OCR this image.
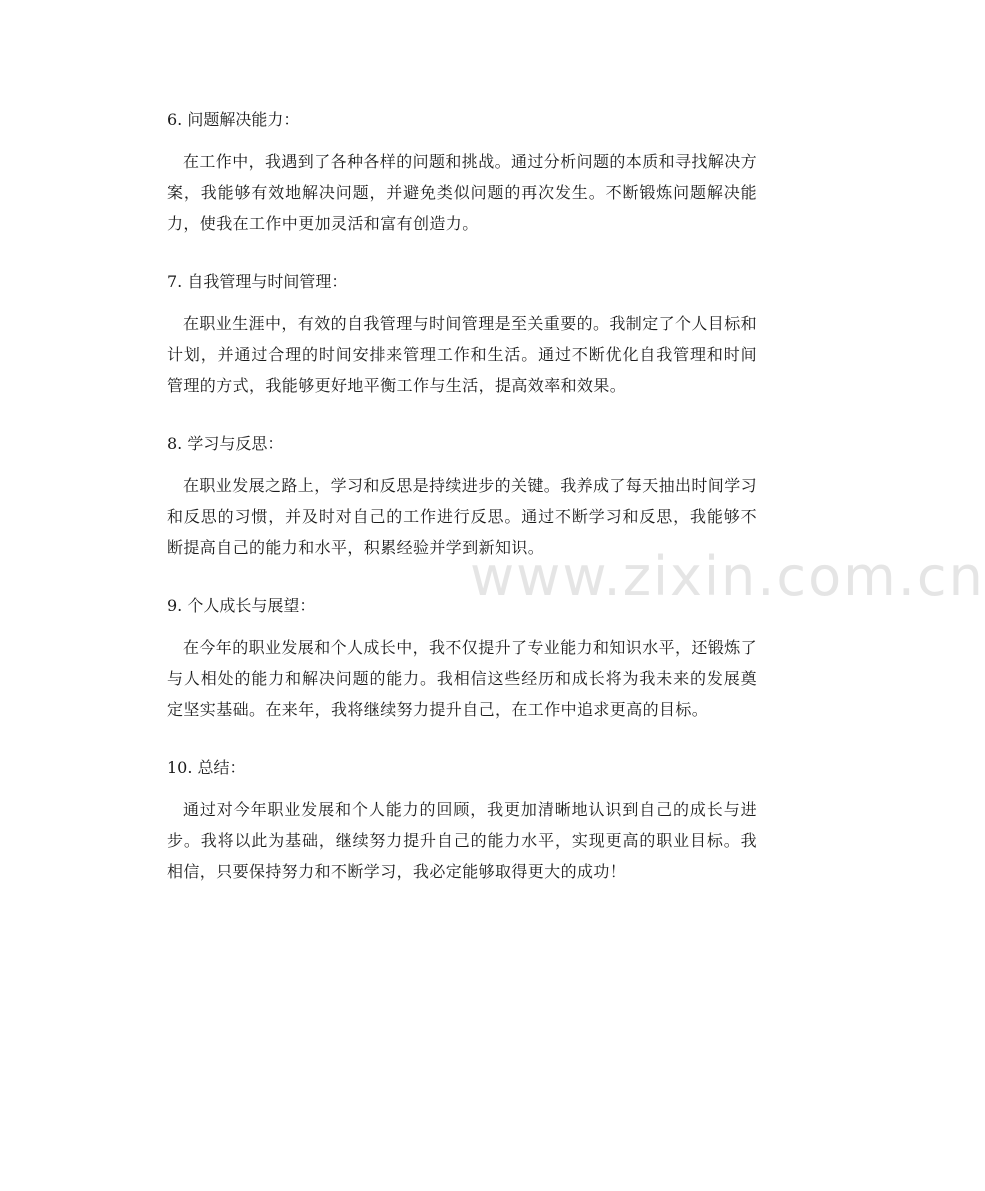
6. 问题解决能力：

在工作中，我遇到了各种各样的问题和挑战。通过分析问题的本质和寻找解决方案，我能够有效地解决问题，并避免类似问题的再次发生。不断锻炼问题解决能力，使我在工作中更加灵活和富有创造力。

7. 自我管理与时间管理：

在职业生涯中，有效的自我管理与时间管理是至关重要的。我制定了个人目标和计划，并通过合理的时间安排来管理工作和生活。通过不断优化自我管理和时间管理的方式，我能够更好地平衡工作与生活，提高效率和效果。

8. 学习与反思：

在职业发展之路上，学习和反思是持续进步的关键。我养成了每天抽出时间学习和反思的习惯，并及时对自己的工作进行反思。通过不断学习和反思，我能够不断提高自己的能力和水平，积累经验并学到新知识。

9. 个人成长与展望：

在今年的职业发展和个人成长中，我不仅提升了专业能力和知识水平，还锻炼了与人相处的能力和解决问题的能力。我相信这些经历和成长将为我未来的发展奠定坚实基础。在来年，我将继续努力提升自己，在工作中追求更高的目标。

10. 总结：

通过对今年职业发展和个人能力的回顾，我更加清晰地认识到自己的成长与进步。我将以此为基础，继续努力提升自己的能力水平，实现更高的职业目标。我相信，只要保持努力和不断学习，我必定能够取得更大的成功！

www.zixin.com.cn
